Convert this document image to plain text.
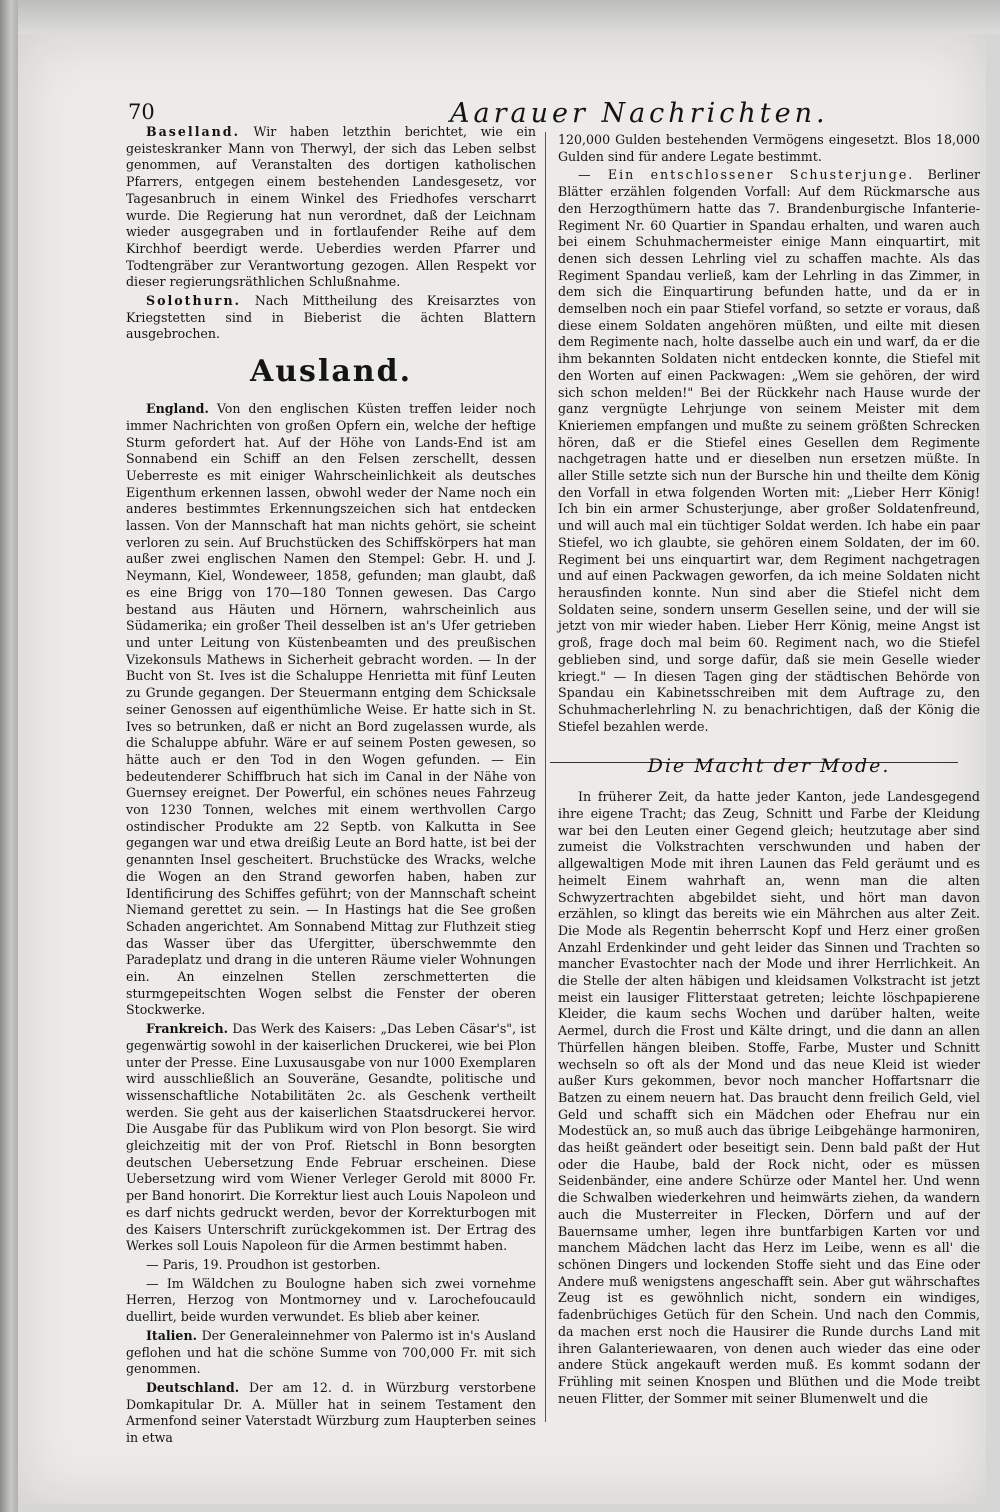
70	Aarauer Nachrichten.

Baselland. Wir haben letzthin berichtet, wie ein geisteskranker Mann von Therwyl, der sich das Leben selbst genommen, auf Veranstalten des dortigen katholischen Pfarrers, entgegen einem bestehenden Landesgesetz, vor Tagesanbruch in einem Winkel des Friedhofes verscharrt wurde. Die Regierung hat nun verordnet, daß der Leichnam wieder ausgegraben und in fortlaufender Reihe auf dem Kirchhof beerdigt werde. Ueberdies werden Pfarrer und Todtengräber zur Verantwortung gezogen. Allen Respekt vor dieser regierungsräthlichen Schlußnahme.

Solothurn. Nach Mittheilung des Kreisarztes von Kriegstetten sind in Bieberist die ächten Blattern ausgebrochen.

Ausland.

England. Von den englischen Küsten treffen leider noch immer Nachrichten von großen Opfern ein, welche der heftige Sturm gefordert hat. Auf der Höhe von Lands-End ist am Sonnabend ein Schiff an den Felsen zerschellt, dessen Ueberreste es mit einiger Wahrscheinlichkeit als deutsches Eigenthum erkennen lassen, obwohl weder der Name noch ein anderes bestimmtes Erkennungszeichen sich hat entdecken lassen. Von der Mannschaft hat man nichts gehört, sie scheint verloren zu sein. Auf Bruchstücken des Schiffskörpers hat man außer zwei englischen Namen den Stempel: Gebr. H. und J. Neymann, Kiel, Wondeweer, 1858, gefunden; man glaubt, daß es eine Brigg von 170—180 Tonnen gewesen. Das Cargo bestand aus Häuten und Hörnern, wahrscheinlich aus Südamerika; ein großer Theil desselben ist an's Ufer getrieben und unter Leitung von Küstenbeamten und des preußischen Vizekonsuls Mathews in Sicherheit gebracht worden. — In der Bucht von St. Ives ist die Schaluppe Henrietta mit fünf Leuten zu Grunde gegangen. Der Steuermann entging dem Schicksale seiner Genossen auf eigenthümliche Weise. Er hatte sich in St. Ives so betrunken, daß er nicht an Bord zugelassen wurde, als die Schaluppe abfuhr. Wäre er auf seinem Posten gewesen, so hätte auch er den Tod in den Wogen gefunden. — Ein bedeutenderer Schiffbruch hat sich im Canal in der Nähe von Guernsey ereignet. Der Powerful, ein schönes neues Fahrzeug von 1230 Tonnen, welches mit einem werthvollen Cargo ostindischer Produkte am 22 Septb. von Kalkutta in See gegangen war und etwa dreißig Leute an Bord hatte, ist bei der genannten Insel gescheitert. Bruchstücke des Wracks, welche die Wogen an den Strand geworfen haben, haben zur Identificirung des Schiffes geführt; von der Mannschaft scheint Niemand gerettet zu sein. — In Hastings hat die See großen Schaden angerichtet. Am Sonnabend Mittag zur Fluthzeit stieg das Wasser über das Ufergitter, überschwemmte den Paradeplatz und drang in die unteren Räume vieler Wohnungen ein. An einzelnen Stellen zerschmetterten die sturmgepeitschten Wogen selbst die Fenster der oberen Stockwerke.

Frankreich. Das Werk des Kaisers: „Das Leben Cäsar's", ist gegenwärtig sowohl in der kaiserlichen Druckerei, wie bei Plon unter der Presse. Eine Luxusausgabe von nur 1000 Exemplaren wird ausschließlich an Souveräne, Gesandte, politische und wissenschaftliche Notabilitäten 2c. als Geschenk vertheilt werden. Sie geht aus der kaiserlichen Staatsdruckerei hervor. Die Ausgabe für das Publikum wird von Plon besorgt. Sie wird gleichzeitig mit der von Prof. Rietschl in Bonn besorgten deutschen Uebersetzung Ende Februar erscheinen. Diese Uebersetzung wird vom Wiener Verleger Gerold mit 8000 Fr. per Band honorirt. Die Korrektur liest auch Louis Napoleon und es darf nichts gedruckt werden, bevor der Korrekturbogen mit des Kaisers Unterschrift zurückgekommen ist. Der Ertrag des Werkes soll Louis Napoleon für die Armen bestimmt haben.

— Paris, 19. Proudhon ist gestorben.

— Im Wäldchen zu Boulogne haben sich zwei vornehme Herren, Herzog von Montmorney und v. Larochefoucauld duellirt, beide wurden verwundet. Es blieb aber keiner.

Italien. Der Generaleinnehmer von Palermo ist in's Ausland geflohen und hat die schöne Summe von 700,000 Fr. mit sich genommen.

Deutschland. Der am 12. d. in Würzburg verstorbene Domkapitular Dr. A. Müller hat in seinem Testament den Armenfond seiner Vaterstadt Würzburg zum Haupterben seines in etwa

120,000 Gulden bestehenden Vermögens eingesetzt. Blos 18,000 Gulden sind für andere Legate bestimmt.

— Ein entschlossener Schusterjunge. Berliner Blätter erzählen folgenden Vorfall: Auf dem Rückmarsche aus den Herzogthümern hatte das 7. Brandenburgische Infanterie-Regiment Nr. 60 Quartier in Spandau erhalten, und waren auch bei einem Schuhmachermeister einige Mann einquartirt, mit denen sich dessen Lehrling viel zu schaffen machte. Als das Regiment Spandau verließ, kam der Lehrling in das Zimmer, in dem sich die Einquartirung befunden hatte, und da er in demselben noch ein paar Stiefel vorfand, so setzte er voraus, daß diese einem Soldaten angehören müßten, und eilte mit diesen dem Regimente nach, holte dasselbe auch ein und warf, da er die ihm bekannten Soldaten nicht entdecken konnte, die Stiefel mit den Worten auf einen Packwagen: „Wem sie gehören, der wird sich schon melden!" Bei der Rückkehr nach Hause wurde der ganz vergnügte Lehrjunge von seinem Meister mit dem Knieriemen empfangen und mußte zu seinem größten Schrecken hören, daß er die Stiefel eines Gesellen dem Regimente nachgetragen hatte und er dieselben nun ersetzen müßte. In aller Stille setzte sich nun der Bursche hin und theilte dem König den Vorfall in etwa folgenden Worten mit: „Lieber Herr König! Ich bin ein armer Schusterjunge, aber großer Soldatenfreund, und will auch mal ein tüchtiger Soldat werden. Ich habe ein paar Stiefel, wo ich glaubte, sie gehören einem Soldaten, der im 60. Regiment bei uns einquartirt war, dem Regiment nachgetragen und auf einen Packwagen geworfen, da ich meine Soldaten nicht herausfinden konnte. Nun sind aber die Stiefel nicht dem Soldaten seine, sondern unserm Gesellen seine, und der will sie jetzt von mir wieder haben. Lieber Herr König, meine Angst ist groß, frage doch mal beim 60. Regiment nach, wo die Stiefel geblieben sind, und sorge dafür, daß sie mein Geselle wieder kriegt." — In diesen Tagen ging der städtischen Behörde von Spandau ein Kabinetsschreiben mit dem Auftrage zu, den Schuhmacherlehrling N. zu benachrichtigen, daß der König die Stiefel bezahlen werde.

Die Macht der Mode.

In früherer Zeit, da hatte jeder Kanton, jede Landesgegend ihre eigene Tracht; das Zeug, Schnitt und Farbe der Kleidung war bei den Leuten einer Gegend gleich; heutzutage aber sind zumeist die Volkstrachten verschwunden und haben der allgewaltigen Mode mit ihren Launen das Feld geräumt und es heimelt Einem wahrhaft an, wenn man die alten Schwyzertrachten abgebildet sieht, und hört man davon erzählen, so klingt das bereits wie ein Mährchen aus alter Zeit. Die Mode als Regentin beherrscht Kopf und Herz einer großen Anzahl Erdenkinder und geht leider das Sinnen und Trachten so mancher Evastochter nach der Mode und ihrer Herrlichkeit. An die Stelle der alten häbigen und kleidsamen Volkstracht ist jetzt meist ein lausiger Flitterstaat getreten; leichte löschpapierene Kleider, die kaum sechs Wochen und darüber halten, weite Aermel, durch die Frost und Kälte dringt, und die dann an allen Thürfellen hängen bleiben. Stoffe, Farbe, Muster und Schnitt wechseln so oft als der Mond und das neue Kleid ist wieder außer Kurs gekommen, bevor noch mancher Hoffartsnarr die Batzen zu einem neuern hat. Das braucht denn freilich Geld, viel Geld und schafft sich ein Mädchen oder Ehefrau nur ein Modestück an, so muß auch das übrige Leibgehänge harmoniren, das heißt geändert oder beseitigt sein. Denn bald paßt der Hut oder die Haube, bald der Rock nicht, oder es müssen Seidenbänder, eine andere Schürze oder Mantel her. Und wenn die Schwalben wiederkehren und heimwärts ziehen, da wandern auch die Musterreiter in Flecken, Dörfern und auf der Bauernsame umher, legen ihre buntfarbigen Karten vor und manchem Mädchen lacht das Herz im Leibe, wenn es all' die schönen Dingers und lockenden Stoffe sieht und das Eine oder Andere muß wenigstens angeschafft sein. Aber gut währschaftes Zeug ist es gewöhnlich nicht, sondern ein windiges, fadenbrüchiges Getüch für den Schein. Und nach den Commis, da machen erst noch die Hausirer die Runde durchs Land mit ihren Galanteriewaaren, von denen auch wieder das eine oder andere Stück angekauft werden muß. Es kommt sodann der Frühling mit seinen Knospen und Blüthen und die Mode treibt neuen Flitter, der Sommer mit seiner Blumenwelt und die
